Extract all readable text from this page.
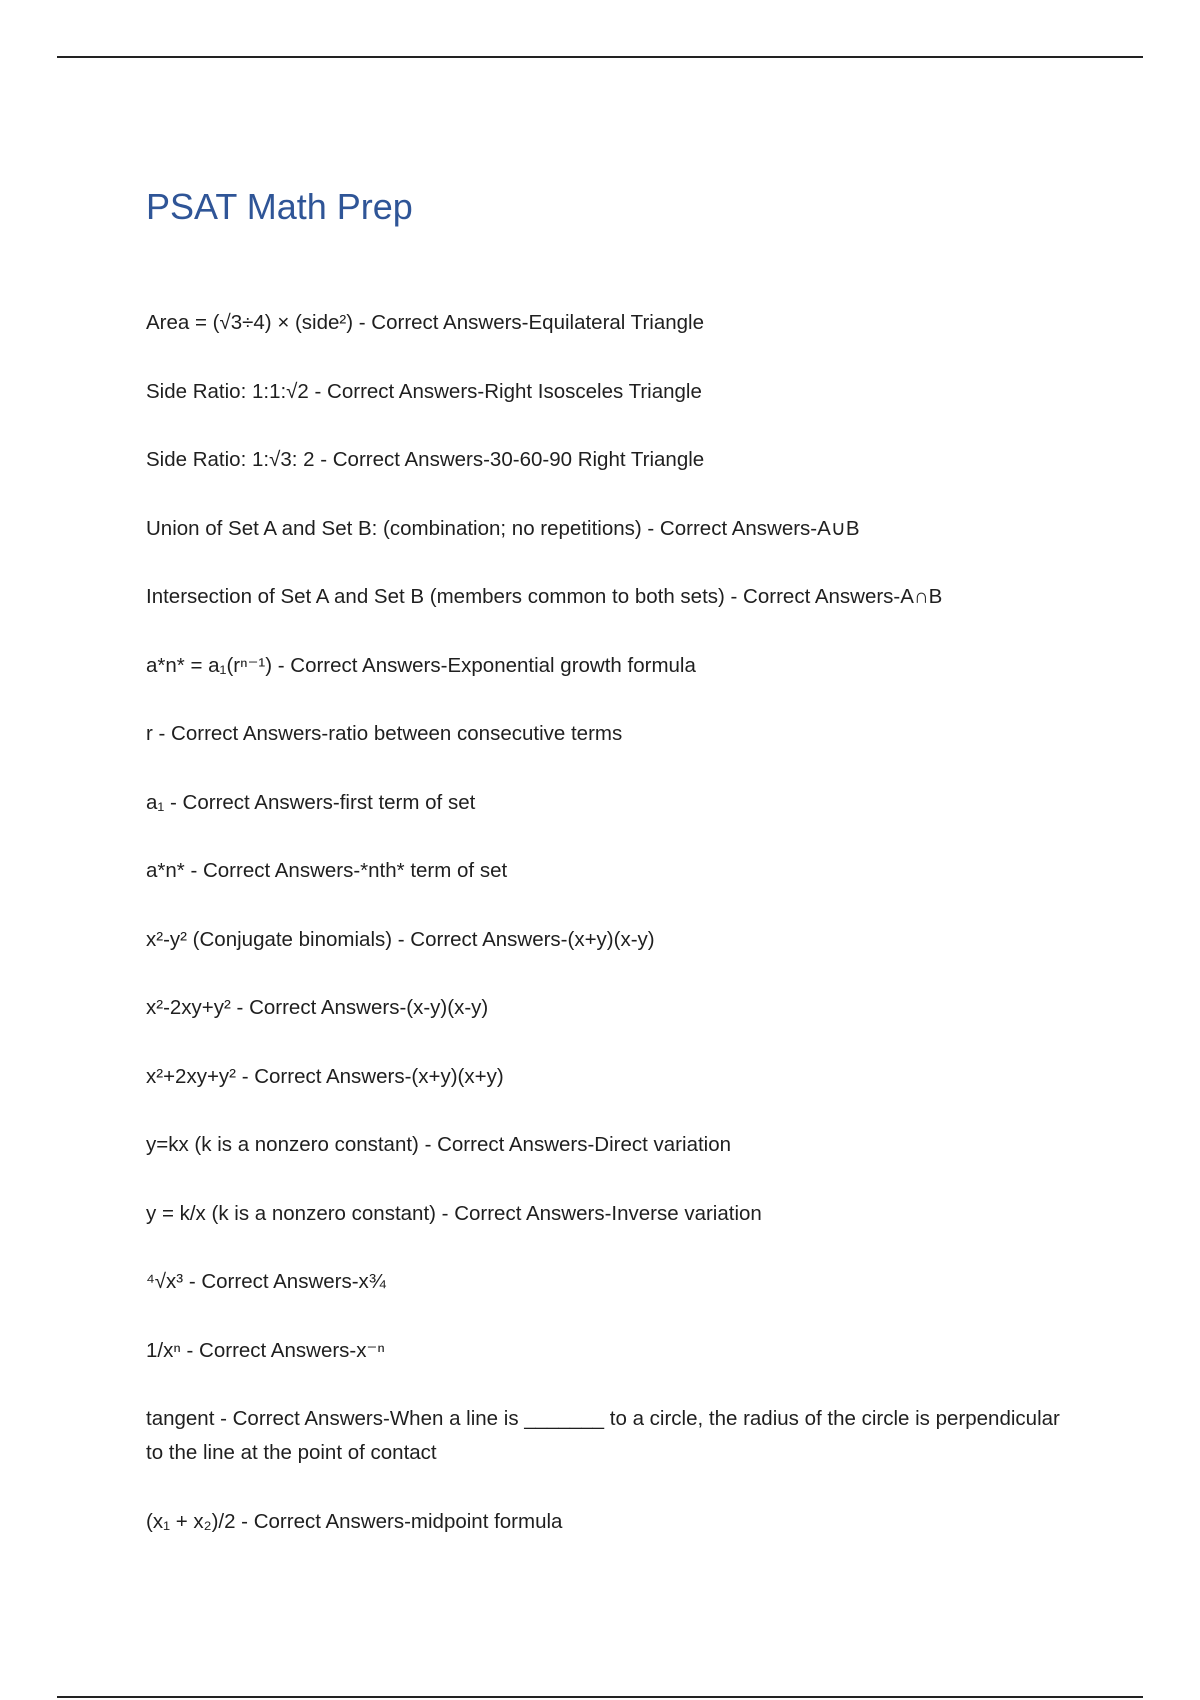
PSAT Math Prep
Area = (√3÷4) × (side²) - Correct Answers-Equilateral Triangle
Side Ratio: 1:1:√2 - Correct Answers-Right Isosceles Triangle
Side Ratio: 1:√3: 2 - Correct Answers-30-60-90 Right Triangle
Union of Set A and Set B: (combination; no repetitions) - Correct Answers-A∪B
Intersection of Set A and Set B (members common to both sets) - Correct Answers-A∩B
a*n* = a₁(rⁿ⁻¹) - Correct Answers-Exponential growth formula
r - Correct Answers-ratio between consecutive terms
a₁ - Correct Answers-first term of set
a*n* - Correct Answers-*nth* term of set
x²-y² (Conjugate binomials) - Correct Answers-(x+y)(x-y)
x²-2xy+y² - Correct Answers-(x-y)(x-y)
x²+2xy+y² - Correct Answers-(x+y)(x+y)
y=kx (k is a nonzero constant) - Correct Answers-Direct variation
y = k/x (k is a nonzero constant) - Correct Answers-Inverse variation
⁴√x³ - Correct Answers-x¾
1/xⁿ - Correct Answers-x⁻ⁿ
tangent - Correct Answers-When a line is _______ to a circle, the radius of the circle is perpendicular to the line at the point of contact
(x₁ + x₂)/2 - Correct Answers-midpoint formula
